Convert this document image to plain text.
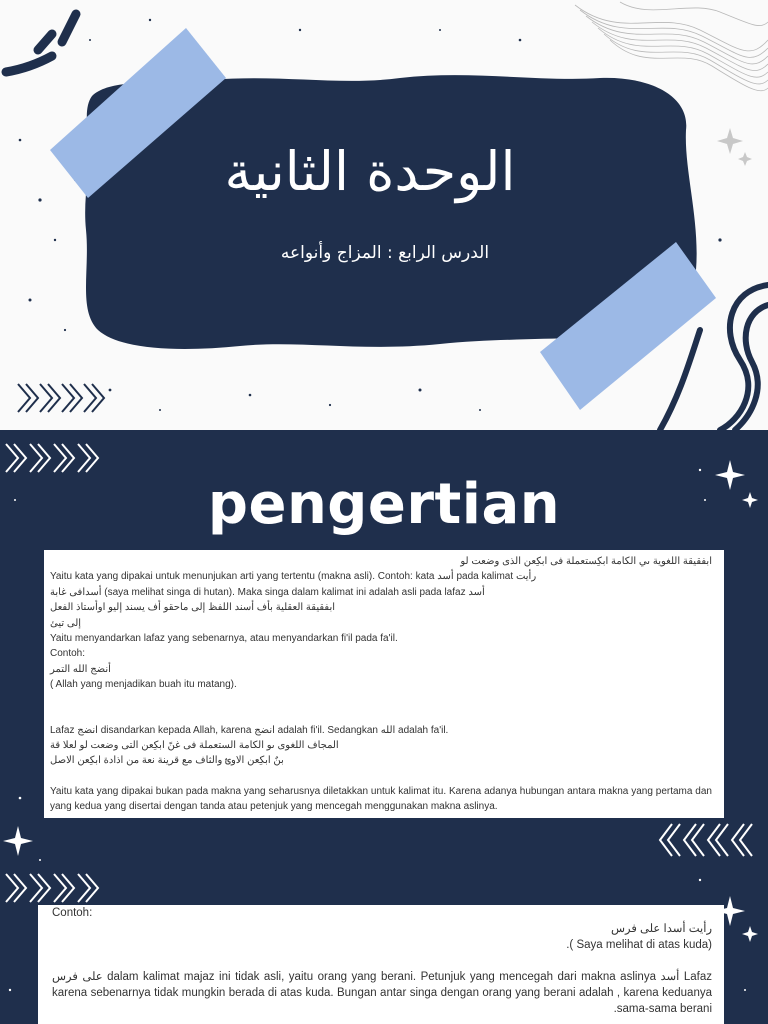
الوحدة الثانية
الدرس الرابع : المزاج وأنواعه
pengertian
ابفقيقة اللغوية ىي الكامة ابكِستعملة فى ابكِعن الذى وضعت لو
Yaitu kata yang dipakai untuk menunjukan arti yang tertentu (makna asli). Contoh: kata أسد pada kalimat رأيت
أسدافى غابة (saya melihat singa di hutan). Maka singa dalam kalimat ini adalah asli pada lafaz أسد
ابفقيقة العقلية بأف أسند اللفظ إلى ماحقو أف يسند إليو اوأستاذ الفعل
إلى تيئ
Yaitu menyandarkan lafaz yang sebenarnya, atau menyandarkan fi'il pada fa'il.
Contoh:
أنضج الله التمر
( Allah yang menjadikan buah itu matang).
Lafaz انضج disandarkan kepada Allah, karena انضج adalah fi'il. Sedangkan الله adalah fa'il.
المجاف اللغوى ىو الكامة الستعملة فى غنً ابكِعن التى وضعت لو لعلا قة
بنٌ ابكِعن الاوؿ والثاف مع قرينة نعة من اذادة ابكِعن الاصل
Yaitu kata yang dipakai bukan pada makna yang seharusnya diletakkan untuk kalimat itu. Karena adanya hubungan antara makna yang pertama dan yang kedua yang disertai dengan tanda atau petenjuk yang mencegah menggunakan makna aslinya.
Contoh:
رأيت أسدا على فرس
(Saya melihat di atas kuda ).
Lafaz أسد dalam kalimat majaz ini tidak asli, yaitu orang yang berani. Petunjuk yang mencegah dari makna aslinya على فرس karena sebenarnya tidak mungkin berada di atas kuda. Bungan antar singa dengan orang yang berani adalah , karena keduanya sama-sama berani.
